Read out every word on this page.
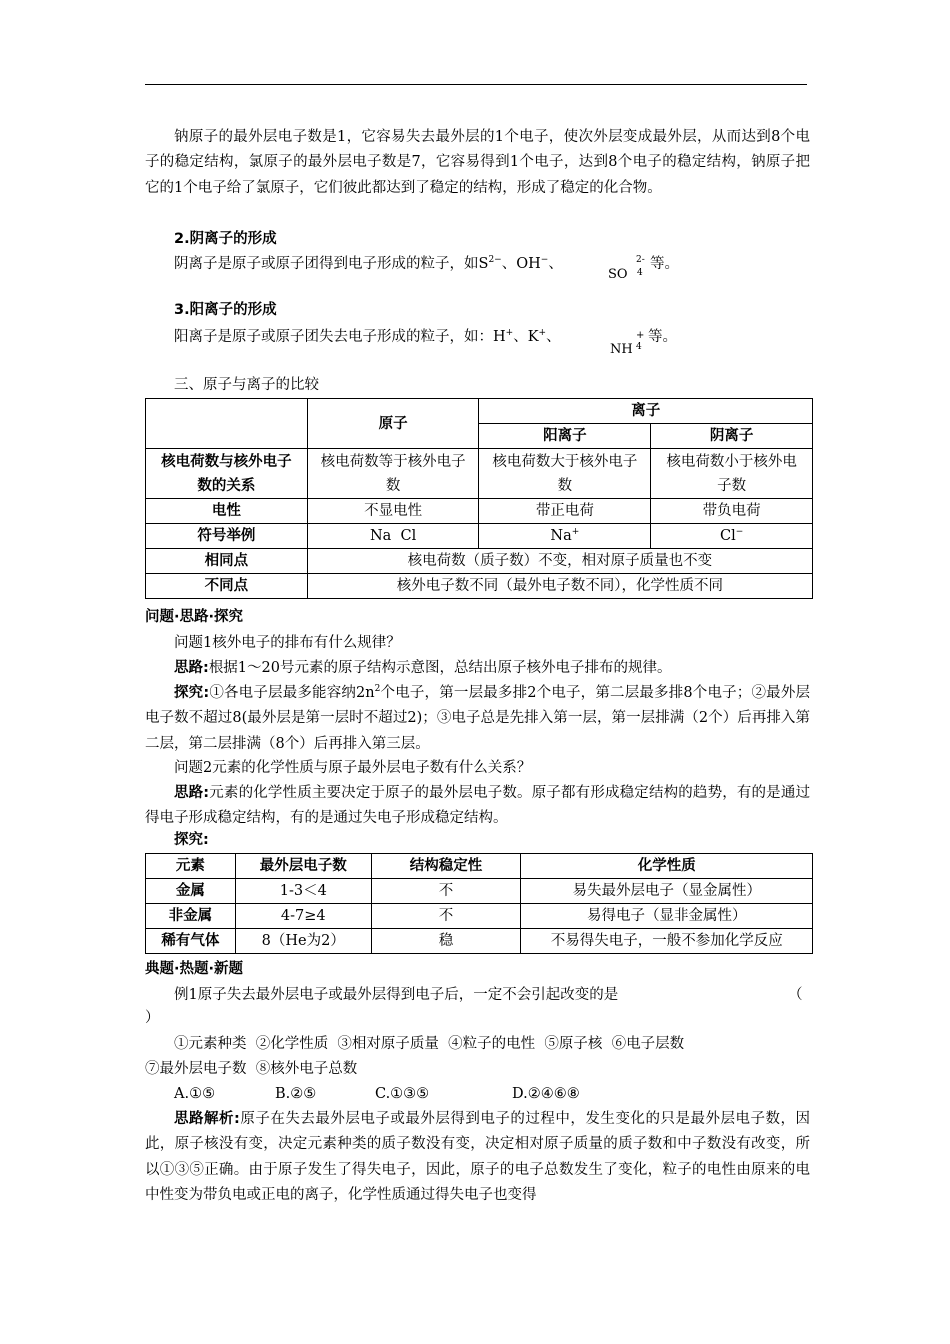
钠原子的最外层电子数是1，它容易失去最外层的1个电子，使次外层变成最外层，从而达到8个电子的稳定结构，氯原子的最外层电子数是7，它容易得到1个电子，达到8个电子的稳定结构，钠原子把它的1个电子给了氯原子，它们彼此都达到了稳定的结构，形成了稳定的化合物。
2.阴离子的形成
阴离子是原子或原子团得到电子形成的粒子，如$S^{2-}$、OH−、
SO 4
2- 等。
3.阳离子的形成
阳离子是原子或原子团失去电子形成的粒子，如：H+、K+、
NH 4
+ 等。
三、原子与离子的比较
	原子	离子	
		阳离子	阴离子
核电荷数与核外电子数的关系	核电荷数等于核外电子数	核电荷数大于核外电子数	核电荷数小于核外电子数
电性	不显电性	带正电荷	带负电荷
符号举例	Na  Cl	Na+	Cl−
相同点	核电荷数（质子数）不变，相对原子质量也不变		
不同点	核外电子数不同（最外电子数不同），化学性质不同		
问题·思路·探究
问题1核外电子的排布有什么规律？
思路:根据1～20号元素的原子结构示意图，总结出原子核外电子排布的规律。
探究:①各电子层最多能容纳$2n^2$个电子，第一层最多排2个电子，第二层最多排8个电子；②最外层电子数不超过8(最外层是第一层时不超过2)；③电子总是先排入第一层，第一层排满（2个）后再排入第二层，第二层排满（8个）后再排入第三层。
问题2元素的化学性质与原子最外层电子数有什么关系？
思路:元素的化学性质主要决定于原子的最外层电子数。原子都有形成稳定结构的趋势，有的是通过得电子形成稳定结构，有的是通过失电子形成稳定结构。
探究:
元素	最外层电子数	结构稳定性	化学性质
金属	1-3＜4	不	易失最外层电子（显金属性）
非金属	4-7≥4	不	易得电子（显非金属性）
稀有气体	8（He为2）	稳	不易得失电子，一般不参加化学反应
典题·热题·新题
例1原子失去最外层电子或最外层得到电子后，一定不会引起改变的是	（
）
①元素种类  ②化学性质  ③相对原子质量  ④粒子的电性  ⑤原子核  ⑥电子层数
⑦最外层电子数  ⑧核外电子总数
A.①⑤	B.②⑤	C.①③⑤	D.②④⑥⑧
思路解析:原子在失去最外层电子或最外层得到电子的过程中，发生变化的只是最外层电子数，因此，原子核没有变，决定元素种类的质子数没有变，决定相对原子质量的质子数和中子数没有改变，所以①③⑤正确。由于原子发生了得失电子，因此，原子的电子总数发生了变化，粒子的电性由原来的电中性变为带负电或正电的离子，化学性质通过得失电子也变得
